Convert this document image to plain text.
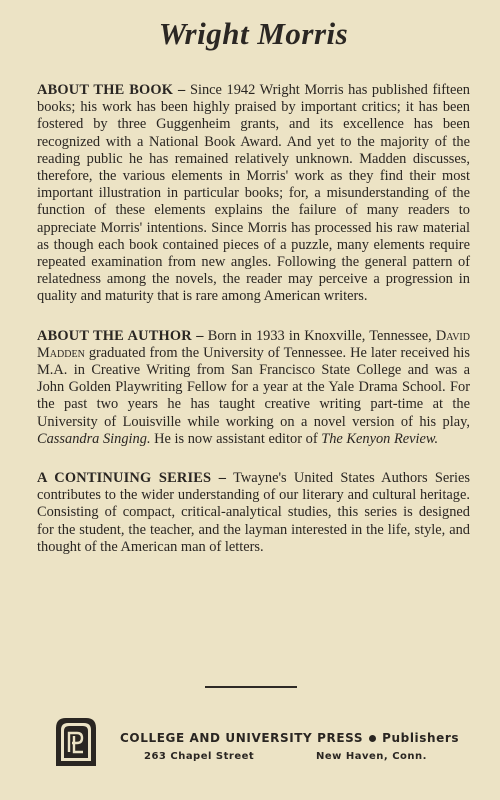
Wright Morris

ABOUT THE BOOK – Since 1942 Wright Morris has published fifteen books; his work has been highly praised by important critics; it has been fostered by three Guggenheim grants, and its excellence has been recognized with a National Book Award. And yet to the majority of the reading public he has remained relatively unknown. Madden discusses, therefore, the various elements in Morris' work as they find their most important illustration in particular books; for, a misunderstanding of the function of these elements explains the failure of many readers to appreciate Morris' intentions. Since Morris has processed his raw material as though each book contained pieces of a puzzle, many elements require repeated examination from new angles. Following the general pattern of relatedness among the novels, the reader may perceive a progression in quality and maturity that is rare among American writers.

ABOUT THE AUTHOR – Born in 1933 in Knoxville, Tennessee, David Madden graduated from the University of Tennessee. He later received his M.A. in Creative Writing from San Francisco State College and was a John Golden Playwriting Fellow for a year at the Yale Drama School. For the past two years he has taught creative writing part-time at the University of Louisville while working on a novel version of his play, Cassandra Singing. He is now assistant editor of The Kenyon Review.

A CONTINUING SERIES – Twayne's United States Authors Series contributes to the wider understanding of our literary and cultural heritage. Consisting of compact, critical-analytical studies, this series is designed for the student, the teacher, and the layman interested in the life, style, and thought of the American man of letters.

COLLEGE AND UNIVERSITY PRESS Publishers
263 Chapel Street	New Haven, Conn.
